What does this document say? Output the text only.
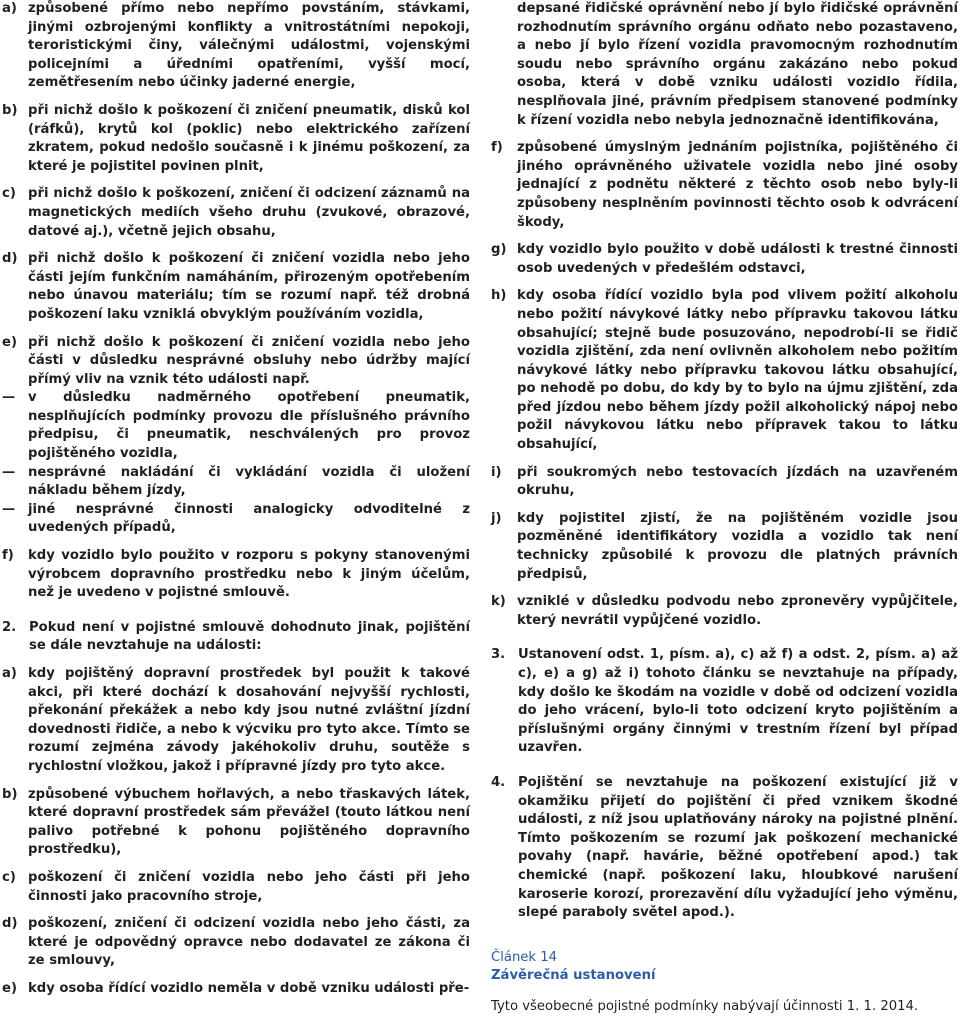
a) způsobené přímo nebo nepřímo povstáním, stávkami, jinými ozbrojenými konflikty a vnitrostátními nepokoji, teroristickými činy, válečnými událostmi, vojenskými policejními a úředními opatřeními, vyšší mocí, zemětřesením nebo účinky jaderné energie,
b) při nichž došlo k poškození či zničení pneumatik, disků kol (ráfků), krytů kol (poklic) nebo elektrického zařízení zkratem, pokud nedošlo současně i k jinému poškození, za které je pojistitel povinen plnit,
c) při nichž došlo k poškození, zničení či odcizení záznamů na magnetických mediích všeho druhu (zvukové, obrazové, datové aj.), včetně jejich obsahu,
d) při nichž došlo k poškození či zničení vozidla nebo jeho části jejím funkčním namáháním, přirozeným opotřebením nebo únavou materiálu; tím se rozumí např. též drobná poškození laku vzniklá obvyklým používáním vozidla,
e) při nichž došlo k poškození či zničení vozidla nebo jeho části v důsledku nesprávné obsluhy nebo údržby mající přímý vliv na vznik této události např.
— v důsledku nadměrného opotřebení pneumatik, nesplňujících podmínky provozu dle příslušného právního předpisu, či pneumatik, neschválených pro provoz pojištěného vozidla,
— nesprávné nakládání či vykládání vozidla či uložení nákladu během jízdy,
— jiné nesprávné činnosti analogicky odvoditelné z uvedených případů,
f) kdy vozidlo bylo použito v rozporu s pokyny stanovenými výrobcem dopravního prostředku nebo k jiným účelům, než je uvedeno v pojistné smlouvě.
2. Pokud není v pojistné smlouvě dohodnuto jinak, pojištění se dále nevztahuje na události:
a) kdy pojištěný dopravní prostředek byl použit k takové akci, při které dochází k dosahování nejvyšší rychlosti, překonání překážek a nebo kdy jsou nutné zvláštní jízdní dovednosti řidiče, a nebo k výcviku pro tyto akce. Tímto se rozumí zejména závody jakéhokoliv druhu, soutěže s rychlostní vložkou, jakož i přípravné jízdy pro tyto akce.
b) způsobené výbuchem hořlavých, a nebo třaskavých látek, které dopravní prostředek sám převážel (touto látkou není palivo potřebné k pohonu pojištěného dopravního prostředku),
c) poškození či zničení vozidla nebo jeho části při jeho činnosti jako pracovního stroje,
d) poškození, zničení či odcizení vozidla nebo jeho části, za které je odpovědný opravce nebo dodavatel ze zákona či ze smlouvy,
e) kdy osoba řídící vozidlo neměla v době vzniku události pře-
depsané řidičské oprávnění nebo jí bylo řidičské oprávnění rozhodnutím správního orgánu odňato nebo pozastaveno, a nebo jí bylo řízení vozidla pravomocným rozhodnutím soudu nebo správního orgánu zakázáno nebo pokud osoba, která v době vzniku události vozidlo řídila, nesplňovala jiné, právním předpisem stanovené podmínky k řízení vozidla nebo nebyla jednoznačně identifikována,
f) způsobené úmyslným jednáním pojistníka, pojištěného či jiného oprávněného uživatele vozidla nebo jiné osoby jednající z podnětu některé z těchto osob nebo byly-li způsobeny nesplněním povinnosti těchto osob k odvrácení škody,
g) kdy vozidlo bylo použito v době události k trestné činnosti osob uvedených v předešlém odstavci,
h) kdy osoba řídící vozidlo byla pod vlivem požití alkoholu nebo požití návykové látky nebo přípravku takovou látku obsahující; stejně bude posuzováno, nepodrobí-li se řidič vozidla zjištění, zda není ovlivněn alkoholem nebo požitím návykové látky nebo přípravku takovou látku obsahující, po nehodě po dobu, do kdy by to bylo na újmu zjištění, zda před jízdou nebo během jízdy požil alkoholický nápoj nebo požil návykovou látku nebo přípravek takou to látku obsahující,
i) při soukromých nebo testovacích jízdách na uzavřeném okruhu,
j) kdy pojistitel zjistí, že na pojištěném vozidle jsou pozměněné identifikátory vozidla a vozidlo tak není technicky způsobilé k provozu dle platných právních předpisů,
k) vzniklé v důsledku podvodu nebo zpronevěry vypůjčitele, který nevrátil vypůjčené vozidlo.
3. Ustanovení odst. 1, písm. a), c) až f) a odst. 2, písm. a) až c), e) a g) až i) tohoto článku se nevztahuje na případy, kdy došlo ke škodám na vozidle v době od odcizení vozidla do jeho vrácení, bylo-li toto odcizení kryto pojištěním a příslušnými orgány činnými v trestním řízení byl případ uzavřen.
4. Pojištění se nevztahuje na poškození existující již v okamžiku přijetí do pojištění či před vznikem škodné události, z níž jsou uplatňovány nároky na pojistné plnění. Tímto poškozením se rozumí jak poškození mechanické povahy (např. havárie, běžné opotřebení apod.) tak chemické (např. poškození laku, hloubkové narušení karoserie korozí, prorezavění dílu vyžadující jeho výměnu, slepé paraboly světel apod.).
Článek 14
Závěrečná ustanovení
Tyto všeobecné pojistné podmínky nabývají účinnosti 1. 1. 2014.
